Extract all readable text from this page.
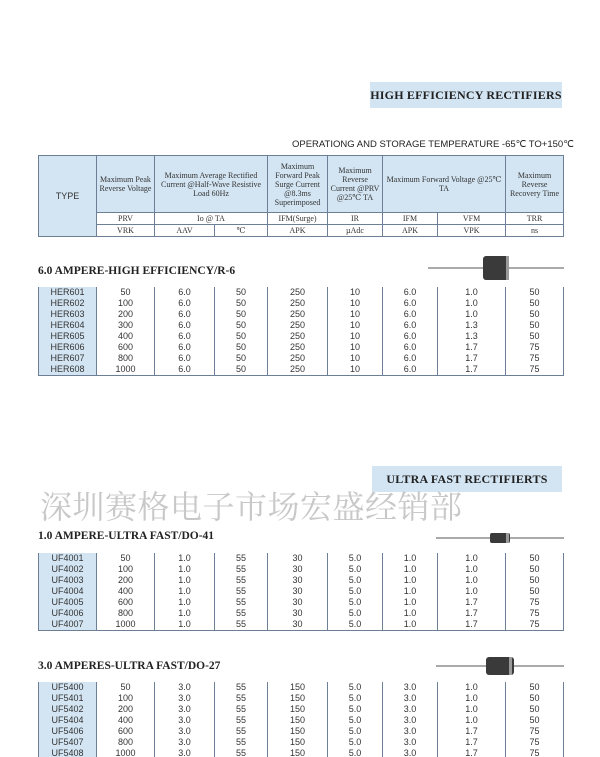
HIGH EFFICIENCY RECTIFIERS
OPERATIONG AND STORAGE TEMPERATURE -65℃ TO+150℃
TYPE	Maximum Peak Reverse Voltage	Maximum Average Rectified Current @Half-Wave Resistive Load 60Hz		Maximum Forward Peak Surge Current @8.3ms Superimposed	Maximum Reverse Current @PRV @25℃ TA	Maximum Forward Voltage @25℃ TA		Maximum Reverse Recovery Time
	PRV	Io @ TA		IFM(Surge)	IR	IFM	VFM	TRR
	VRK	AAV	℃	APK	µAdc	APK	VPK	ns
6.0 AMPERE-HIGH EFFICIENCY/R-6
HER601	50	6.0	50	250	10	6.0	1.0	50
HER602	100	6.0	50	250	10	6.0	1.0	50
HER603	200	6.0	50	250	10	6.0	1.0	50
HER604	300	6.0	50	250	10	6.0	1.3	50
HER605	400	6.0	50	250	10	6.0	1.3	50
HER606	600	6.0	50	250	10	6.0	1.7	75
HER607	800	6.0	50	250	10	6.0	1.7	75
HER608	1000	6.0	50	250	10	6.0	1.7	75
ULTRA FAST RECTIFIERTS
深圳赛格电子市场宏盛经销部
1.0 AMPERE-ULTRA FAST/DO-41
UF4001	50	1.0	55	30	5.0	1.0	1.0	50
UF4002	100	1.0	55	30	5.0	1.0	1.0	50
UF4003	200	1.0	55	30	5.0	1.0	1.0	50
UF4004	400	1.0	55	30	5.0	1.0	1.0	50
UF4005	600	1.0	55	30	5.0	1.0	1.7	75
UF4006	800	1.0	55	30	5.0	1.0	1.7	75
UF4007	1000	1.0	55	30	5.0	1.0	1.7	75
3.0 AMPERES-ULTRA FAST/DO-27
UF5400	50	3.0	55	150	5.0	3.0	1.0	50
UF5401	100	3.0	55	150	5.0	3.0	1.0	50
UF5402	200	3.0	55	150	5.0	3.0	1.0	50
UF5404	400	3.0	55	150	5.0	3.0	1.0	50
UF5406	600	3.0	55	150	5.0	3.0	1.7	75
UF5407	800	3.0	55	150	5.0	3.0	1.7	75
UF5408	1000	3.0	55	150	5.0	3.0	1.7	75
